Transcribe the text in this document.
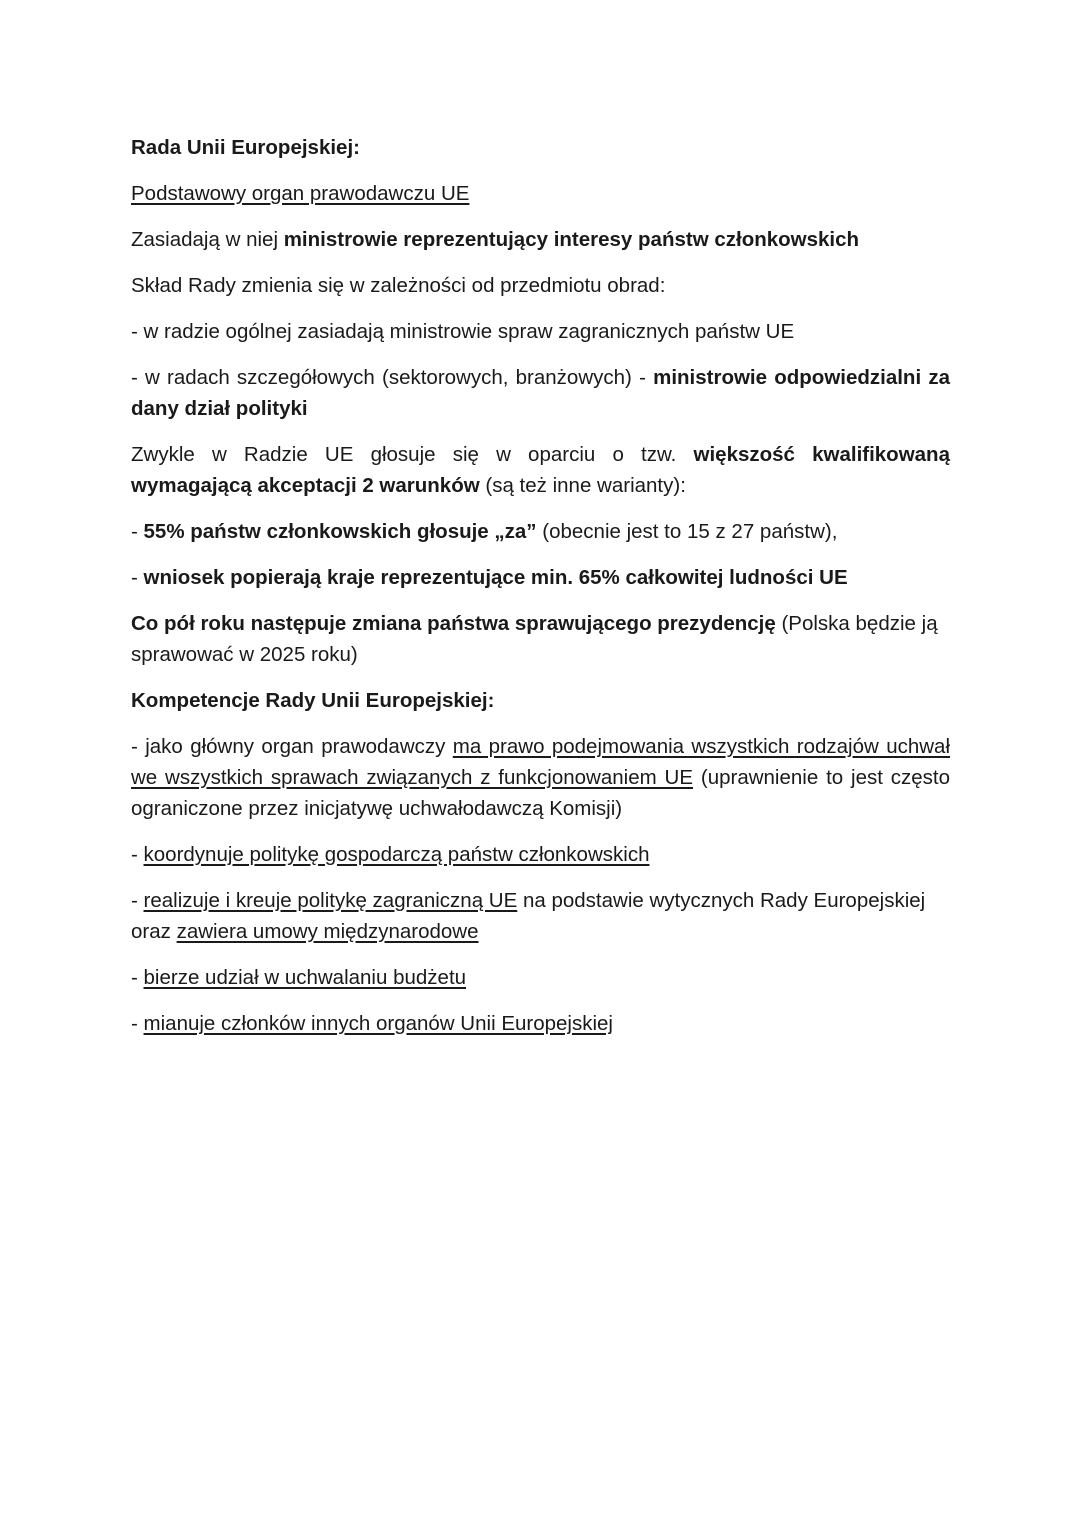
Rada Unii Europejskiej:

Podstawowy organ prawodawczu UE

Zasiadają w niej ministrowie reprezentujący interesy państw członkowskich

Skład Rady zmienia się w zależności od przedmiotu obrad:

- w radzie ogólnej zasiadają ministrowie spraw zagranicznych państw UE

- w radach szczegółowych (sektorowych, branżowych) - ministrowie odpowiedzialni za dany dział polityki

Zwykle w Radzie UE głosuje się w oparciu o tzw. większość kwalifikowaną wymagającą akceptacji 2 warunków (są też inne warianty):

- 55% państw członkowskich głosuje „za” (obecnie jest to 15 z 27 państw),

- wniosek popierają kraje reprezentujące min. 65% całkowitej ludności UE

Co pół roku następuje zmiana państwa sprawującego prezydencję (Polska będzie ją sprawować w 2025 roku)

Kompetencje Rady Unii Europejskiej:

- jako główny organ prawodawczy ma prawo podejmowania wszystkich rodzajów uchwał we wszystkich sprawach związanych z funkcjonowaniem UE (uprawnienie to jest często ograniczone przez inicjatywę uchwałodawczą Komisji)

- koordynuje politykę gospodarczą państw członkowskich

- realizuje i kreuje politykę zagraniczną UE na podstawie wytycznych Rady Europejskiej oraz zawiera umowy międzynarodowe

- bierze udział w uchwalaniu budżetu

- mianuje członków innych organów Unii Europejskiej
